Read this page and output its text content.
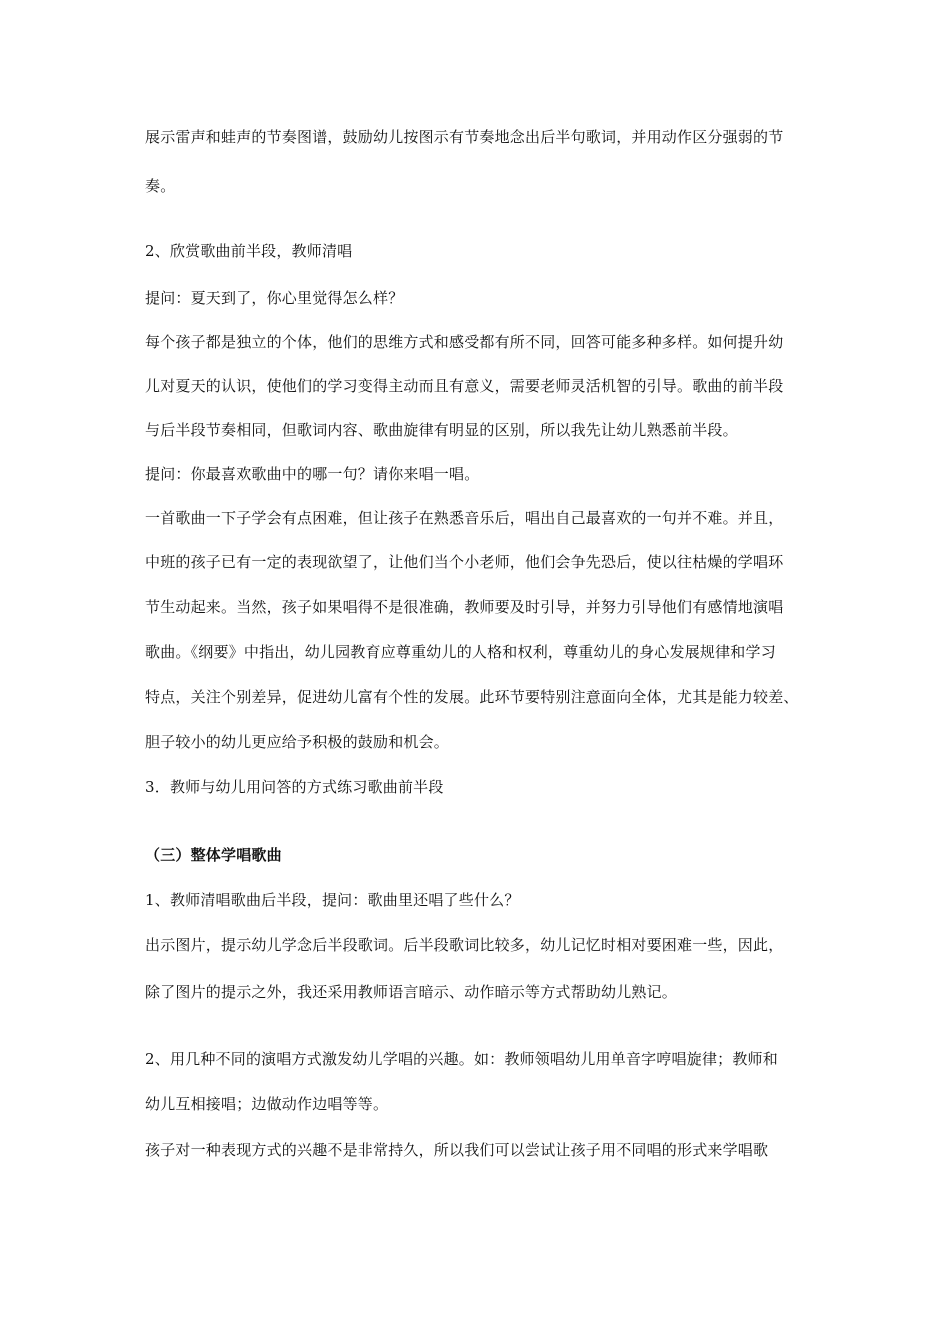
展示雷声和蛙声的节奏图谱，鼓励幼儿按图示有节奏地念出后半句歌词，并用动作区分强弱的节
奏。
2、欣赏歌曲前半段，教师清唱
提问：夏天到了，你心里觉得怎么样？
每个孩子都是独立的个体，他们的思维方式和感受都有所不同，回答可能多种多样。如何提升幼
儿对夏天的认识，使他们的学习变得主动而且有意义，需要老师灵活机智的引导。歌曲的前半段
与后半段节奏相同，但歌词内容、歌曲旋律有明显的区别，所以我先让幼儿熟悉前半段。
提问：你最喜欢歌曲中的哪一句？请你来唱一唱。
一首歌曲一下子学会有点困难，但让孩子在熟悉音乐后，唱出自己最喜欢的一句并不难。并且，
中班的孩子已有一定的表现欲望了，让他们当个小老师，他们会争先恐后，使以往枯燥的学唱环
节生动起来。当然，孩子如果唱得不是很准确，教师要及时引导，并努力引导他们有感情地演唱
歌曲。《纲要》中指出，幼儿园教育应尊重幼儿的人格和权利，尊重幼儿的身心发展规律和学习
特点，关注个别差异，促进幼儿富有个性的发展。此环节要特别注意面向全体，尤其是能力较差、
胆子较小的幼儿更应给予积极的鼓励和机会。
3．教师与幼儿用问答的方式练习歌曲前半段
（三）整体学唱歌曲
1、教师清唱歌曲后半段，提问：歌曲里还唱了些什么？
出示图片，提示幼儿学念后半段歌词。后半段歌词比较多，幼儿记忆时相对要困难一些，因此，
除了图片的提示之外，我还采用教师语言暗示、动作暗示等方式帮助幼儿熟记。
2、用几种不同的演唱方式激发幼儿学唱的兴趣。如：教师领唱幼儿用单音字哼唱旋律；教师和
幼儿互相接唱；边做动作边唱等等。
孩子对一种表现方式的兴趣不是非常持久，所以我们可以尝试让孩子用不同唱的形式来学唱歌
